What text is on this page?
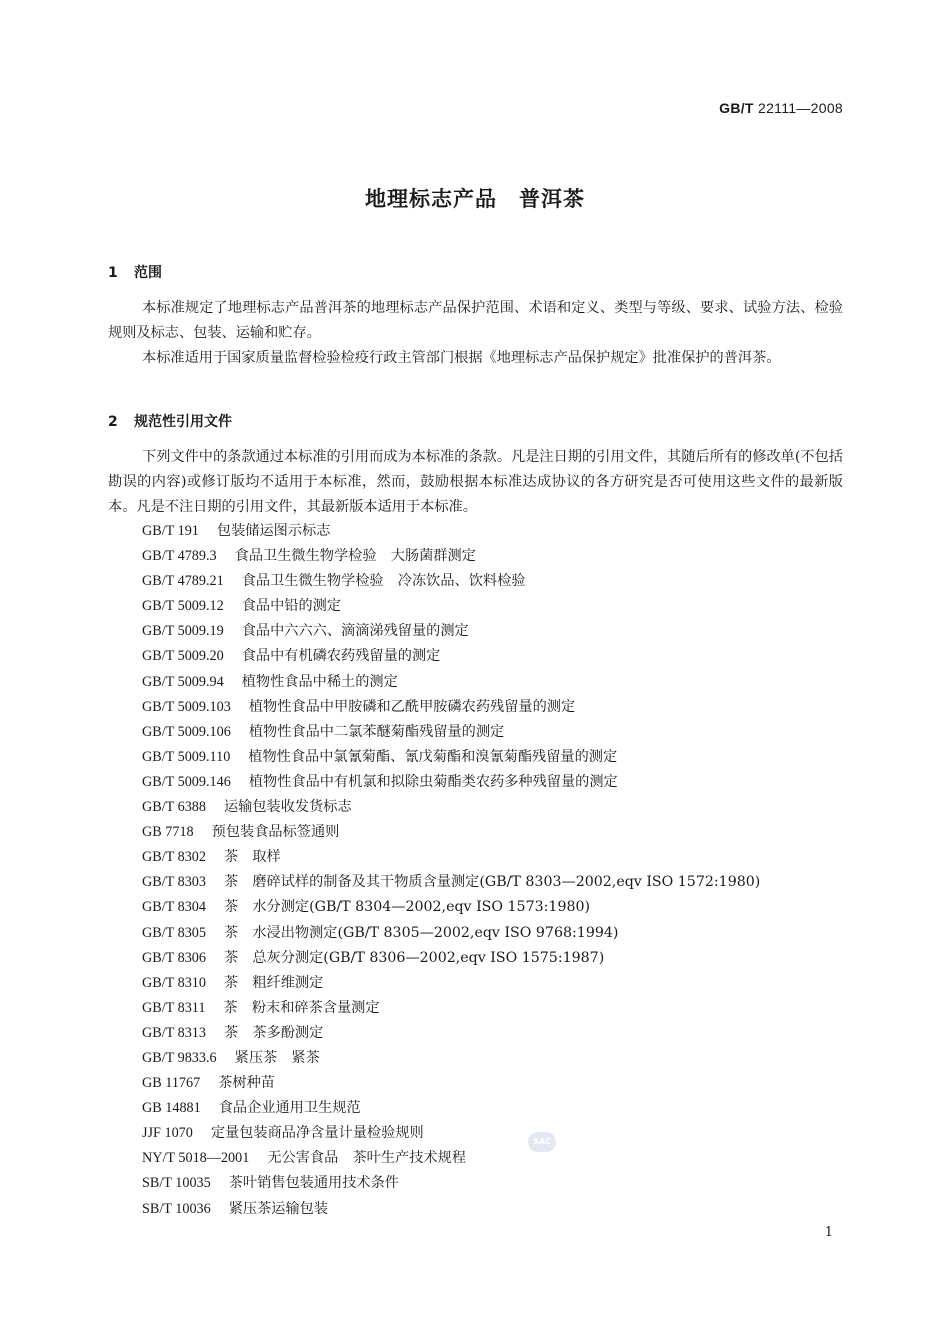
GB/T 22111—2008
地理标志产品　普洱茶
1 范围
本标准规定了地理标志产品普洱茶的地理标志产品保护范围、术语和定义、类型与等级、要求、试验方法、检验规则及标志、包装、运输和贮存。
本标准适用于国家质量监督检验检疫行政主管部门根据《地理标志产品保护规定》批准保护的普洱茶。
2 规范性引用文件
下列文件中的条款通过本标准的引用而成为本标准的条款。凡是注日期的引用文件，其随后所有的修改单(不包括勘误的内容)或修订版均不适用于本标准，然而，鼓励根据本标准达成协议的各方研究是否可使用这些文件的最新版本。凡是不注日期的引用文件，其最新版本适用于本标准。
GB/T 191 包装储运图示标志
GB/T 4789.3 食品卫生微生物学检验　大肠菌群测定
GB/T 4789.21 食品卫生微生物学检验　冷冻饮品、饮料检验
GB/T 5009.12 食品中铅的测定
GB/T 5009.19 食品中六六六、滴滴涕残留量的测定
GB/T 5009.20 食品中有机磷农药残留量的测定
GB/T 5009.94 植物性食品中稀土的测定
GB/T 5009.103 植物性食品中甲胺磷和乙酰甲胺磷农药残留量的测定
GB/T 5009.106 植物性食品中二氯苯醚菊酯残留量的测定
GB/T 5009.110 植物性食品中氯氰菊酯、氰戊菊酯和溴氰菊酯残留量的测定
GB/T 5009.146 植物性食品中有机氯和拟除虫菊酯类农药多种残留量的测定
GB/T 6388 运输包装收发货标志
GB 7718 预包装食品标签通则
GB/T 8302 茶　取样
GB/T 8303 茶　磨碎试样的制备及其干物质含量测定(GB/T 8303—2002,eqv ISO 1572:1980)
GB/T 8304 茶　水分测定(GB/T 8304—2002,eqv ISO 1573:1980)
GB/T 8305 茶　水浸出物测定(GB/T 8305—2002,eqv ISO 9768:1994)
GB/T 8306 茶　总灰分测定(GB/T 8306—2002,eqv ISO 1575:1987)
GB/T 8310 茶　粗纤维测定
GB/T 8311 茶　粉末和碎茶含量测定
GB/T 8313 茶　茶多酚测定
GB/T 9833.6 紧压茶　紧茶
GB 11767 茶树种苗
GB 14881 食品企业通用卫生规范
JJF 1070 定量包装商品净含量计量检验规则
NY/T 5018—2001 无公害食品　茶叶生产技术规程
SB/T 10035 茶叶销售包装通用技术条件
SB/T 10036 紧压茶运输包装
SAC
1
